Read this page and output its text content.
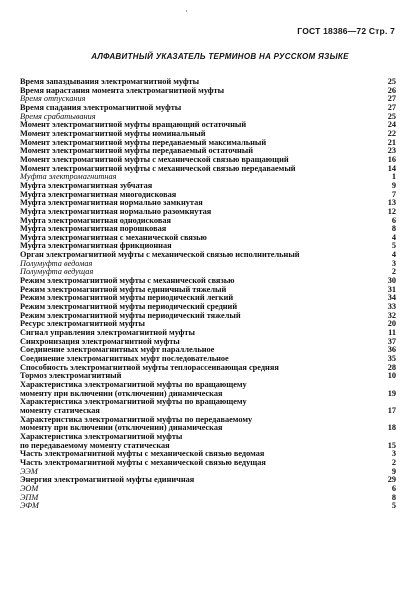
·
ГОСТ 18386—72 Стр. 7
АЛФАВИТНЫЙ УКАЗАТЕЛЬ ТЕРМИНОВ НА РУССКОМ ЯЗЫКЕ
Время запаздывания электромагнитной муфты	25
Время нарастания момента электромагнитной муфты	26
Время отпускания	27
Время спадания электромагнитной муфты	27
Время срабатывания	25
Момент электромагнитной муфты вращающий остаточный	24
Момент электромагнитной муфты номинальный	22
Момент электромагнитной муфты передаваемый максимальный	21
Момент электромагнитной муфты передаваемый остаточный	23
Момент электромагнитной муфты с механической связью вращающий	16
Момент электромагнитной муфты с механической связью передаваемый	14
Муфта электромагнитная	1
Муфта электромагнитная зубчатая	9
Муфта электромагнитная многодисковая	7
Муфта электромагнитная нормально замкнутая	13
Муфта электромагнитная нормально разомкнутая	12
Муфта электромагнитная однодисковая	6
Муфта электромагнитная порошковая	8
Муфта электромагнитная с механической связью	4
Муфта электромагнитная фрикционная	5
Орган электромагнитной муфты с механической связью исполнительный	4
Полумуфта ведомая	3
Полумуфта ведущая	2
Режим электромагнитной муфты с механической связью	30
Режим электромагнитной муфты единичный тяжелый	31
Режим электромагнитной муфты периодический легкий	34
Режим электромагнитной муфты периодический средний	33
Режим электромагнитной муфты периодический тяжелый	32
Ресурс электромагнитной муфты	20
Сигнал управления электромагнитной муфты	11
Синхронизация электромагнитной муфты	37
Соединение электромагнитных муфт параллельное	36
Соединение электромагнитных муфт последовательное	35
Способность электромагнитной муфты теплорассеивающая средняя	28
Тормоз электромагнитный	10
Характеристика электромагнитной муфты по вращающему
моменту при включении (отключении) динамическая	19
Характеристика электромагнитной муфты по вращающему
моменту статическая	17
Характеристика электромагнитной муфты по передаваемому
моменту при включении (отключении) динамическая	18
Характеристика электромагнитной муфты
по передаваемому моменту статическая	15
Часть электромагнитной муфты с механической связью ведомая	3
Часть электромагнитной муфты с механической связью ведущая	2
ЭЭМ	9
Энергия электромагнитной муфты единичная	29
ЭОМ	6
ЭПМ	8
ЭФМ	5
